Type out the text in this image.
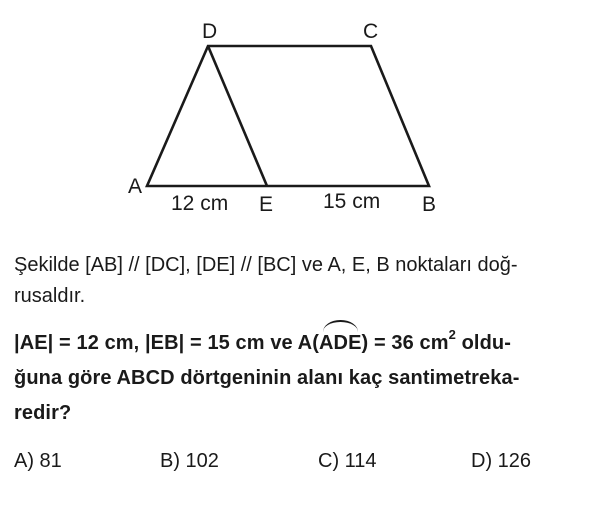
D	C
A
E	B
12 cm	15 cm

Şekilde [AB] // [DC], [DE] // [BC] ve A, E, B noktaları doğ-
rusaldır.

|AE| = 12 cm, |EB| = 15 cm ve A(ADE) = 36 $cm^2$ oldu-
ğuna göre ABCD dörtgeninin alanı kaç santimetreka-
redir?

A) 81	B) 102	C) 114	D) 126
